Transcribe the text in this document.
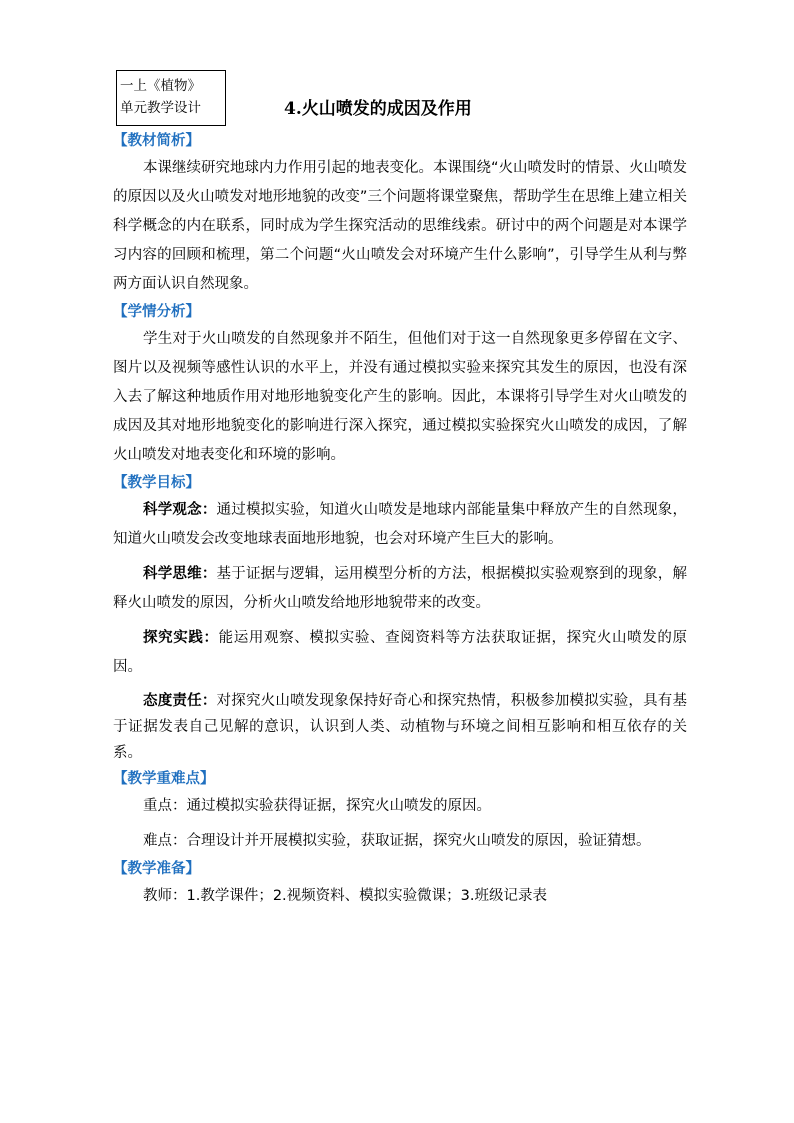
一上《植物》
单元教学设计	4.火山喷发的成因及作用
【教材简析】

本课继续研究地球内力作用引起的地表变化。本课围绕“火山喷发时的情景、火山喷发的原因以及火山喷发对地形地貌的改变”三个问题将课堂聚焦，帮助学生在思维上建立相关科学概念的内在联系，同时成为学生探究活动的思维线索。研讨中的两个问题是对本课学习内容的回顾和梳理，第二个问题“火山喷发会对环境产生什么影响”，引导学生从利与弊两方面认识自然现象。

【学情分析】

学生对于火山喷发的自然现象并不陌生，但他们对于这一自然现象更多停留在文字、图片以及视频等感性认识的水平上，并没有通过模拟实验来探究其发生的原因，也没有深入去了解这种地质作用对地形地貌变化产生的影响。因此，本课将引导学生对火山喷发的成因及其对地形地貌变化的影响进行深入探究，通过模拟实验探究火山喷发的成因，了解火山喷发对地表变化和环境的影响。

【教学目标】

科学观念：通过模拟实验，知道火山喷发是地球内部能量集中释放产生的自然现象，知道火山喷发会改变地球表面地形地貌，也会对环境产生巨大的影响。

科学思维：基于证据与逻辑，运用模型分析的方法，根据模拟实验观察到的现象，解释火山喷发的原因，分析火山喷发给地形地貌带来的改变。

探究实践：能运用观察、模拟实验、查阅资料等方法获取证据，探究火山喷发的原因。

态度责任：对探究火山喷发现象保持好奇心和探究热情，积极参加模拟实验，具有基于证据发表自己见解的意识，认识到人类、动植物与环境之间相互影响和相互依存的关系。

【教学重难点】

重点：通过模拟实验获得证据，探究火山喷发的原因。

难点：合理设计并开展模拟实验，获取证据，探究火山喷发的原因，验证猜想。

【教学准备】

教师：1.教学课件；2.视频资料、模拟实验微课；3.班级记录表
